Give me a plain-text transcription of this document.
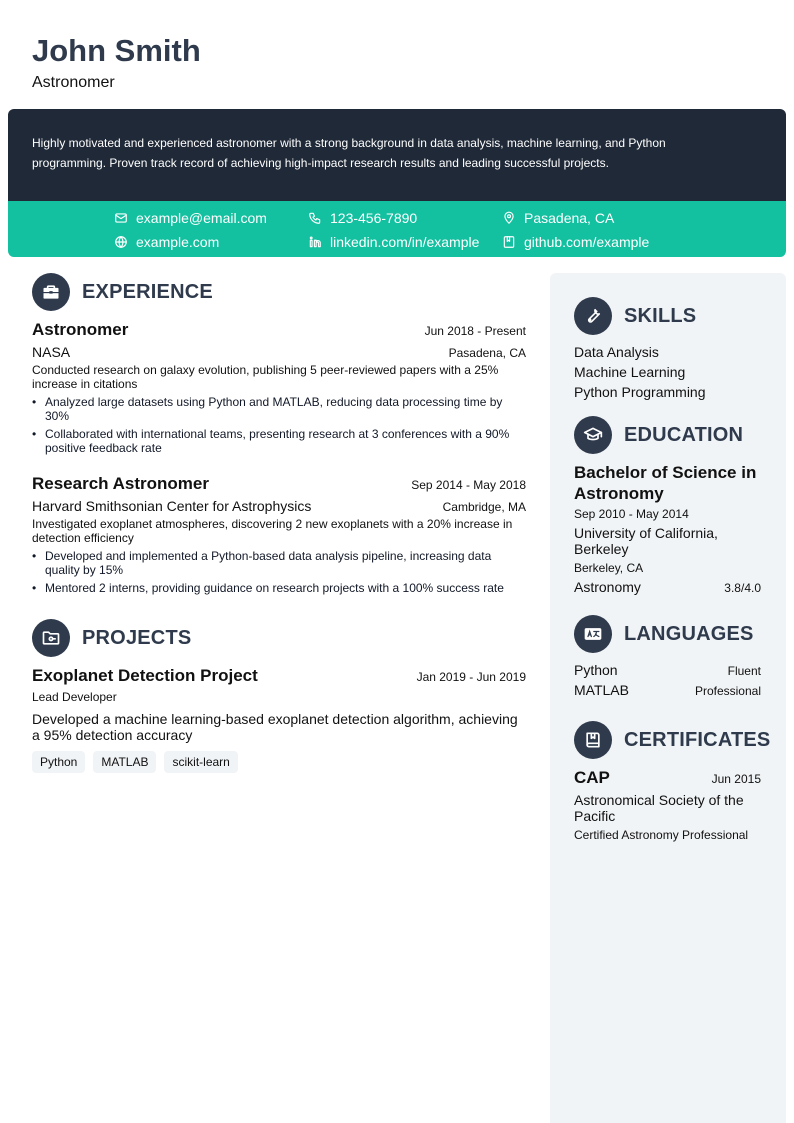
John Smith
Astronomer

Highly motivated and experienced astronomer with a strong background in data analysis, machine learning, and Python programming. Proven track record of achieving high-impact research results and leading successful projects.

example@email.com	123-456-7890	Pasadena, CA
example.com	linkedin.com/in/example	github.com/example
EXPERIENCE
Astronomer	Jun 2018 - Present
NASA	Pasadena, CA
Conducted research on galaxy evolution, publishing 5 peer-reviewed papers with a 25% increase in citations
• Analyzed large datasets using Python and MATLAB, reducing data processing time by 30%
• Collaborated with international teams, presenting research at 3 conferences with a 90% positive feedback rate
Research Astronomer	Sep 2014 - May 2018
Harvard Smithsonian Center for Astrophysics	Cambridge, MA
Investigated exoplanet atmospheres, discovering 2 new exoplanets with a 20% increase in detection efficiency
• Developed and implemented a Python-based data analysis pipeline, increasing data quality by 15%
• Mentored 2 interns, providing guidance on research projects with a 100% success rate
PROJECTS
Exoplanet Detection Project	Jan 2019 - Jun 2019
Lead Developer
Developed a machine learning-based exoplanet detection algorithm, achieving a 95% detection accuracy
Python	MATLAB	scikit-learn
SKILLS
Data Analysis
Machine Learning
Python Programming
EDUCATION
Bachelor of Science in Astronomy
Sep 2010 - May 2014
University of California, Berkeley
Berkeley, CA
Astronomy	3.8/4.0
LANGUAGES
Python	Fluent
MATLAB	Professional
CERTIFICATES
CAP	Jun 2015
Astronomical Society of the Pacific
Certified Astronomy Professional
